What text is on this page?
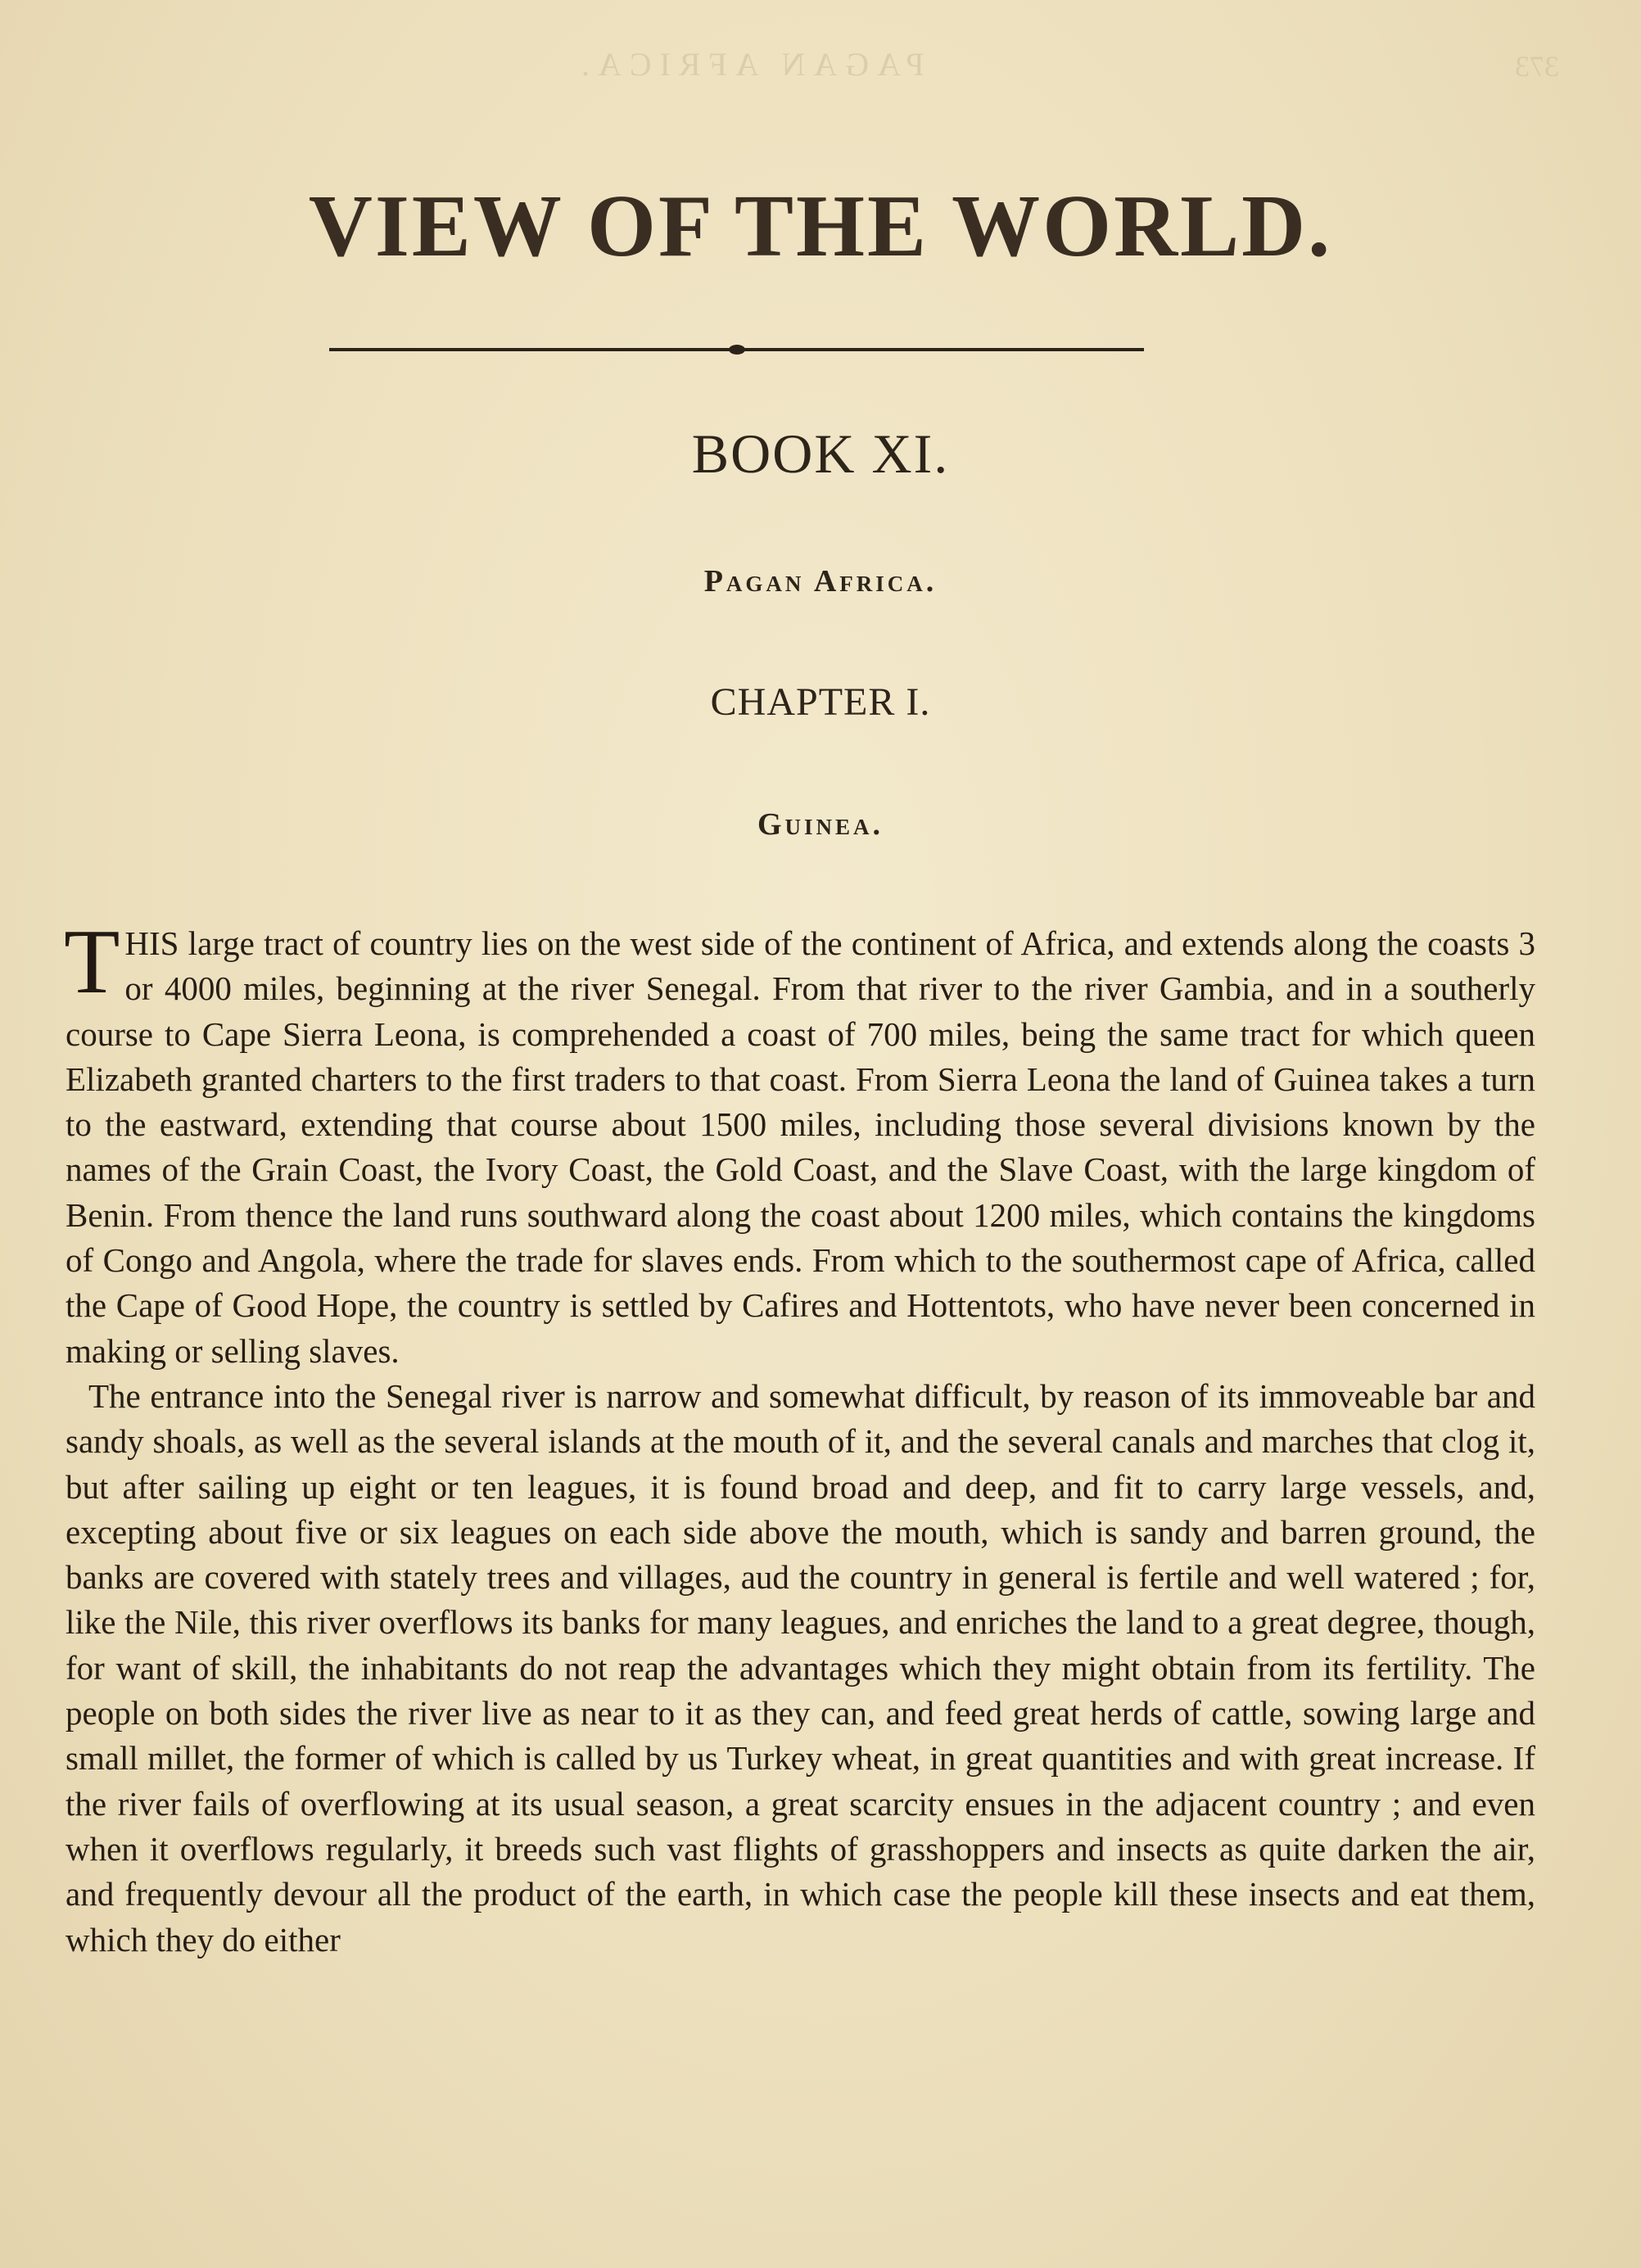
PAGAN AFRICA.	373
VIEW OF THE WORLD.
BOOK XI.
Pagan Africa.
CHAPTER I.
Guinea.

THIS large tract of country lies on the west side of the continent of Africa, and extends along the coasts 3 or 4000 miles, beginning at the river Senegal. From that river to the river Gambia, and in a southerly course to Cape Sierra Leona, is comprehended a coast of 700 miles, being the same tract for which queen Elizabeth granted charters to the first traders to that coast. From Sierra Leona the land of Guinea takes a turn to the eastward, extending that course about 1500 miles, including those several divisions known by the names of the Grain Coast, the Ivory Coast, the Gold Coast, and the Slave Coast, with the large kingdom of Benin. From thence the land runs southward along the coast about 1200 miles, which contains the kingdoms of Congo and Angola, where the trade for slaves ends. From which to the southermost cape of Africa, called the Cape of Good Hope, the country is settled by Cafires and Hottentots, who have never been concerned in making or selling slaves.

The entrance into the Senegal river is narrow and somewhat difficult, by reason of its immoveable bar and sandy shoals, as well as the several islands at the mouth of it, and the several canals and marches that clog it, but after sailing up eight or ten leagues, it is found broad and deep, and fit to carry large vessels, and, excepting about five or six leagues on each side above the mouth, which is sandy and barren ground, the banks are covered with stately trees and villages, aud the country in general is fertile and well watered ; for, like the Nile, this river overflows its banks for many leagues, and enriches the land to a great degree, though, for want of skill, the inhabitants do not reap the advantages which they might obtain from its fertility. The people on both sides the river live as near to it as they can, and feed great herds of cattle, sowing large and small millet, the former of which is called by us Turkey wheat, in great quantities and with great increase. If the river fails of overflowing at its usual season, a great scarcity ensues in the adjacent country ; and even when it overflows regularly, it breeds such vast flights of grasshoppers and insects as quite darken the air, and frequently devour all the product of the earth, in which case the people kill these insects and eat them, which they do either
